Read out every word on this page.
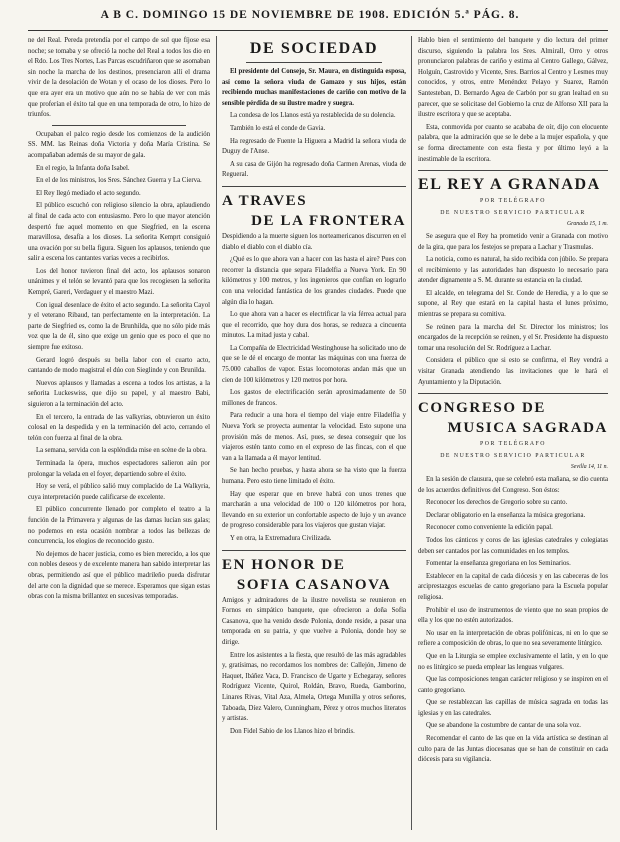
A B C. DOMINGO 15 DE NOVIEMBRE DE 1908. EDICIÓN 5.ª PÁG. 8.

ne del Real. Pereda pretendía por el campo de sol que fíjose esa noche; se tomaba y se ofreció la noche del Real a todos los dio en el Rdo. Los Tres Nortes, Las Parcas escudriñaron que se asomaban sin noche la marcha de los destinos, presenciaron allí el drama vivir de la desolación de Wotan y el ocaso de los dioses. Pero lo que era ayer era un motivo que aún no se había de ver con más que proferían el éxito tal que en una temporada de otro, lo hizo de triunfos.

Ocupaban el palco regio desde los comienzos de la audición SS. MM. las Reinas doña Victoria y doña María Cristina. Se acompañaban además de su mayor de gala.

En el regio, la Infanta doña Isabel.

En el de los ministros, los Sres. Sánchez Guerra y La Cierva.

El Rey llegó mediado el acto segundo.

El público escuchó con religioso silencio la obra, aplaudiendo al final de cada acto con entusiasmo. Pero lo que mayor atención despertó fue aquel momento en que Siegfried, en la escena maravillosa, desafía a los dioses. La señorita Kemprt consiguió una ovación por su bella figura. Siguen los aplausos, teniendo que salir a escena los cantantes varias veces a recibirlos.

Los del honor tuvieron final del acto, los aplausos sonaron unánimes y el telón se levantó para que los recogiesen la señorita Kempré, Gareri, Verdaguer y el maestro Mazi.

Con igual desenlace de éxito el acto segundo. La señorita Cayol y el veterano Ribaud, tan perfectamente en la interpretación. La parte de Siegfried es, como la de Brunhilda, que no sólo pide más voz que la de él, sino que exige un genio que es poco el que no siempre fue exitoso.

Gerard logró después su bella labor con el cuarto acto, cantando de modo magistral el dúo con Sieglinde y con Brunilda.

Nuevos aplausos y llamadas a escena a todos los artistas, a la señorita Luckeswiss, que dijo su papel, y al maestro Babi, siguieron a la terminación del acto.

En el tercero, la entrada de las valkyrias, obtuvieron un éxito colosal en la despedida y en la terminación del acto, cerrando el telón con fuerza al final de la obra.

La semana, servida con la espléndida mise en scène de la obra.

Terminada la ópera, muchos espectadores salieron aún por prolongar la velada en el foyer, departiendo sobre el éxito.

Hoy se verá, el público salió muy complacido de La Walkyria, cuya interpretación puede calificarse de excelente.

El público concurrente llenado por completo el teatro a la función de la Primavera y algunas de las damas lucían sus galas; no podemos en esta ocasión nombrar a todos las bellezas de concurrencia, los elogios de reconocido gusto.

No dejemos de hacer justicia, como es bien merecido, a los que con nobles deseos y de excelente manera han sabido interpretar las obras, permitiendo así que el público madrileño pueda disfrutar del arte con la dignidad que se merece. Esperamos que sigan estas obras con la misma brillantez en sucesivas temporadas.

DE SOCIEDAD

El presidente del Consejo, Sr. Maura, en distinguida esposa, así como la señora viuda de Gamazo y sus hijos, están recibiendo muchas manifestaciones de cariño con motivo de la sensible pérdida de su ilustre madre y suegra.

La condesa de los Llanos está ya restablecida de su dolencia.

También lo está el conde de Gavia.

Ha regresado de Fuente la Higuera a Madrid la señora viuda de Duguy de l'Anse.

A su casa de Gijón ha regresado doña Carmen Arenas, viuda de Regueral.

A TRAVES
DE LA FRONTERA

Despidiendo a la muerte siguen los norteamericanos discurren en el diablo el diablo con el diablo cía.

¿Qué es lo que ahora van a hacer con las hasta el aire? Pues con recorrer la distancia que separa Filadelfia a Nueva York. En 90 kilómetros y 100 metros, y los ingenieros que confían en lograrlo con una velocidad fantástica de los grandes ciudades. Puede que algún día lo hagan.

Lo que ahora van a hacer es electrificar la vía férrea actual para que el recorrido, que hoy dura dos horas, se reduzca a cincuenta minutos. La mitad justa y cabal.

La Compañía de Electricidad Westinghouse ha solicitado uno de que se le dé el encargo de montar las máquinas con una fuerza de 75.000 caballos de vapor. Estas locomotoras andan más que un cien de 100 kilómetros y 120 metros por hora.

Los gastos de electrificación serán aproximadamente de 50 millones de francos.

Para reducir a una hora el tiempo del viaje entre Filadelfia y Nueva York se proyecta aumentar la velocidad. Esto supone una provisión más de menos. Así, pues, se desea conseguir que los viajeros estén tanto como en el expreso de las fincas, con el que van a la llamada a él mayor lentitud.

Se han hecho pruebas, y hasta ahora se ha visto que la fuerza humana. Pero esto tiene limitado el éxito.

Hay que esperar que en breve habrá con unos trenes que marcharán a una velocidad de 100 o 120 kilómetros por hora, llevando en su exterior un confortable aspecto de lujo y un avance de progreso considerable para los viajeros que gustan viajar.

Y en otra, la Extremadura Civilizada.

EN HONOR DE
SOFIA CASANOVA

Amigos y admiradores de la ilustre novelista se reunieron en Fornos en simpático banquete, que ofrecieron a doña Sofía Casanova, que ha venido desde Polonia, donde reside, a pasar una temporada en su patria, y que vuelve a Polonia, donde hoy se dirige.

Entre los asistentes a la fiesta, que resultó de las más agradables y, gratísimas, no recordamos los nombres de: Callejón, Jimeno de Haquet, Ibáñez Vaca, D. Francisco de Ugarte y Echegaray, señores Rodríguez Vicente, Quirol, Roldán, Bravo, Rueda, Gamborino, Linares Rivas, Vital Aza, Almela, Ortega Munilla y otros señores, Taboada, Díez Valero, Cunningham, Pérez y otros muchos literatos y artistas.

Don Fidel Sabio de los Llanos hizo el brindis.

Hablo bien el sentimiento del banquete y dio lectura del primer discurso, siguiendo la palabra los Sres. Almirall, Orro y otros pronunciaron palabras de cariño y estima al Centro Gallego, Gálvez, Holguín, Castrovido y Vicente, Sres. Barrios al Centro y Lesmes muy conocidos, y otros, entre Menéndez Pelayo y Suarez, Ramón Santesteban, D. Bernardo Agea de Carbón por su gran lealtad en su parecer, que se solicitase del Gobierno la cruz de Alfonso XII para la ilustre escritora y que se aceptaba.

Esta, conmovida por cuanto se acababa de oír, dijo con elocuente palabra, que la admiración que se le debe a la mujer española, y que se forma directamente con esta fiesta y por último leyó a la inestimable de la escritora.

EL REY A GRANADA
POR TELÉGRAFO
DE NUESTRO SERVICIO PARTICULAR
Granada 15, 1 m.

Se asegura que el Rey ha prometido venir a Granada con motivo de la gira, que para los festejos se prepara a Lachar y Trasmulas.

La noticia, como es natural, ha sido recibida con júbilo. Se prepara el recibimiento y las autoridades han dispuesto lo necesario para atender dignamente a S. M. durante su estancia en la ciudad.

El alcalde, en telegrama del Sr. Conde de Heredia, y a lo que se supone, al Rey que estará en la capital hasta el lunes próximo, mientras se prepara su comitiva.

Se reúnen para la marcha del Sr. Director los ministros; los encargados de la recepción se reúnen, y el Sr. Presidente ha dispuesto tomar una resolución del Sr. Rodríguez a Lachar.

Considera el público que si esto se confirma, el Rey vendrá a visitar Granada atendiendo las invitaciones que le hará el Ayuntamiento y la Diputación.

CONGRESO DE
MUSICA SAGRADA
POR TELÉGRAFO
DE NUESTRO SERVICIO PARTICULAR
Sevilla 14, 11 n.

En la sesión de clausura, que se celebró esta mañana, se dio cuenta de los acuerdos definitivos del Congreso. Son éstos:

Reconocer los derechos de Gregorio sobre su canto.

Declarar obligatorio en la enseñanza la música gregoriana.

Reconocer como conveniente la edición papal.

Todos los cánticos y coros de las iglesias catedrales y colegiatas deben ser cantados por las comunidades en los templos.

Fomentar la enseñanza gregoriana en los Seminarios.

Establecer en la capital de cada diócesis y en las cabeceras de los arciprestazgos escuelas de canto gregoriano para la Escuela popular religiosa.

Prohibir el uso de instrumentos de viento que no sean propios de ella y los que no estén autorizados.

No usar en la interpretación de obras polifónicas, ni en lo que se refiere a composición de obras, lo que no sea severamente litúrgico.

Que en la Liturgia se emplee exclusivamente el latín, y en lo que no es litúrgico se pueda emplear las lenguas vulgares.

Que las composiciones tengan carácter religioso y se inspiren en el canto gregoriano.

Que se restablezcan las capillas de música sagrada en todas las iglesias y en las catedrales.

Que se abandone la costumbre de cantar de una sola voz.

Recomendar el canto de las que en la vida artística se destinan al culto para de las Juntas diocesanas que se han de constituir en cada diócesis para su vigilancia.
